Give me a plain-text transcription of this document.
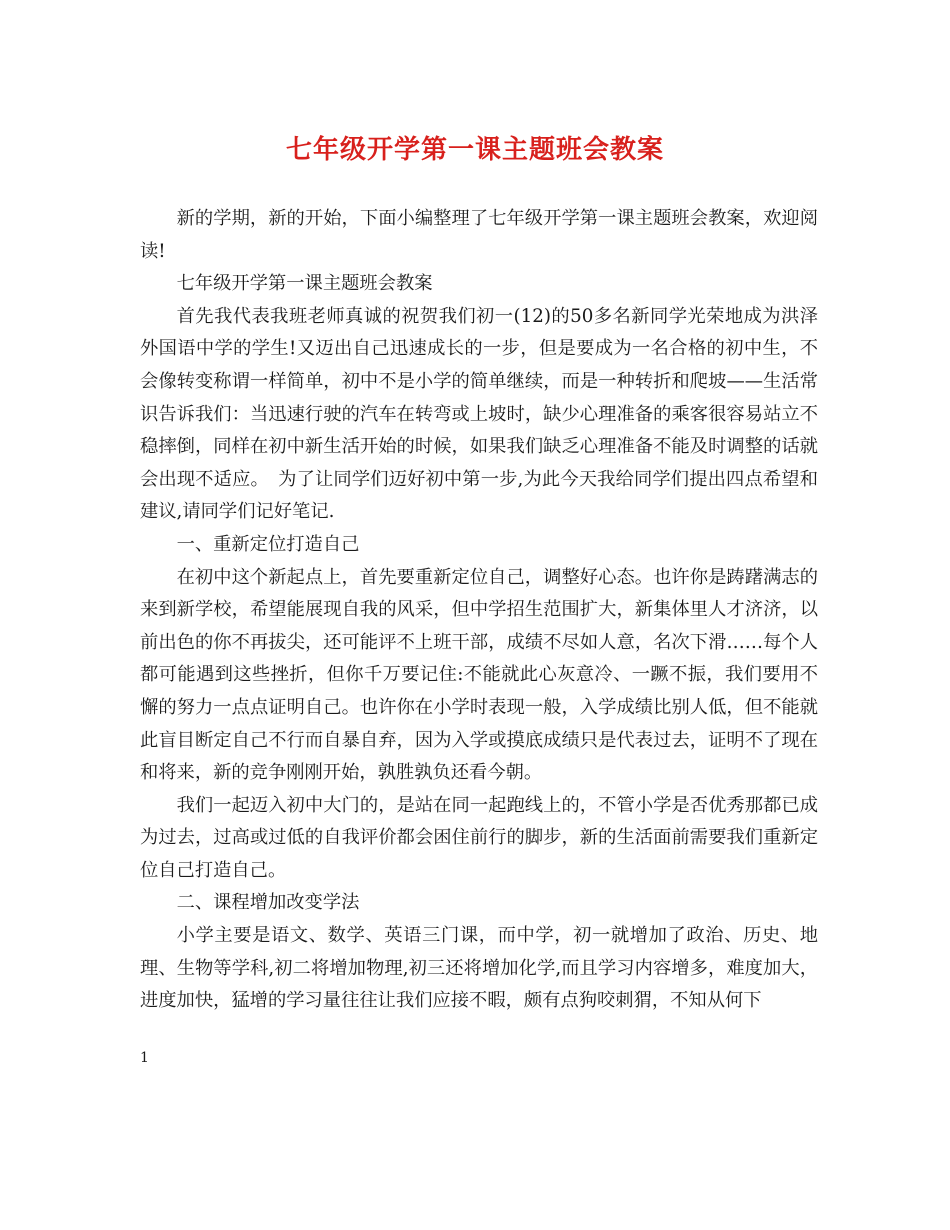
七年级开学第一课主题班会教案

新的学期，新的开始，下面小编整理了七年级开学第一课主题班会教案，欢迎阅读!

七年级开学第一课主题班会教案

首先我代表我班老师真诚的祝贺我们初一(12)的50多名新同学光荣地成为洪泽外国语中学的学生!又迈出自己迅速成长的一步，但是要成为一名合格的初中生，不会像转变称谓一样简单，初中不是小学的简单继续，而是一种转折和爬坡——生活常识告诉我们：当迅速行驶的汽车在转弯或上坡时，缺少心理准备的乘客很容易站立不稳摔倒，同样在初中新生活开始的时候，如果我们缺乏心理准备不能及时调整的话就会出现不适应。　为了让同学们迈好初中第一步,为此今天我给同学们提出四点希望和建议,请同学们记好笔记.

一、重新定位打造自己

在初中这个新起点上，首先要重新定位自己，调整好心态。也许你是踌躇满志的来到新学校，希望能展现自我的风采，但中学招生范围扩大，新集体里人才济济，以前出色的你不再拔尖，还可能评不上班干部，成绩不尽如人意，名次下滑……每个人都可能遇到这些挫折，但你千万要记住:不能就此心灰意冷、一蹶不振，我们要用不懈的努力一点点证明自己。也许你在小学时表现一般，入学成绩比别人低，但不能就此盲目断定自己不行而自暴自弃，因为入学或摸底成绩只是代表过去，证明不了现在和将来，新的竞争刚刚开始，孰胜孰负还看今朝。

我们一起迈入初中大门的，是站在同一起跑线上的，不管小学是否优秀那都已成为过去，过高或过低的自我评价都会困住前行的脚步，新的生活面前需要我们重新定位自己打造自己。

二、课程增加改变学法

小学主要是语文、数学、英语三门课，而中学，初一就增加了政治、历史、地理、生物等学科,初二将增加物理,初三还将增加化学,而且学习内容增多，难度加大，进度加快，猛增的学习量往往让我们应接不暇，颇有点狗咬刺猬，不知从何下

1
